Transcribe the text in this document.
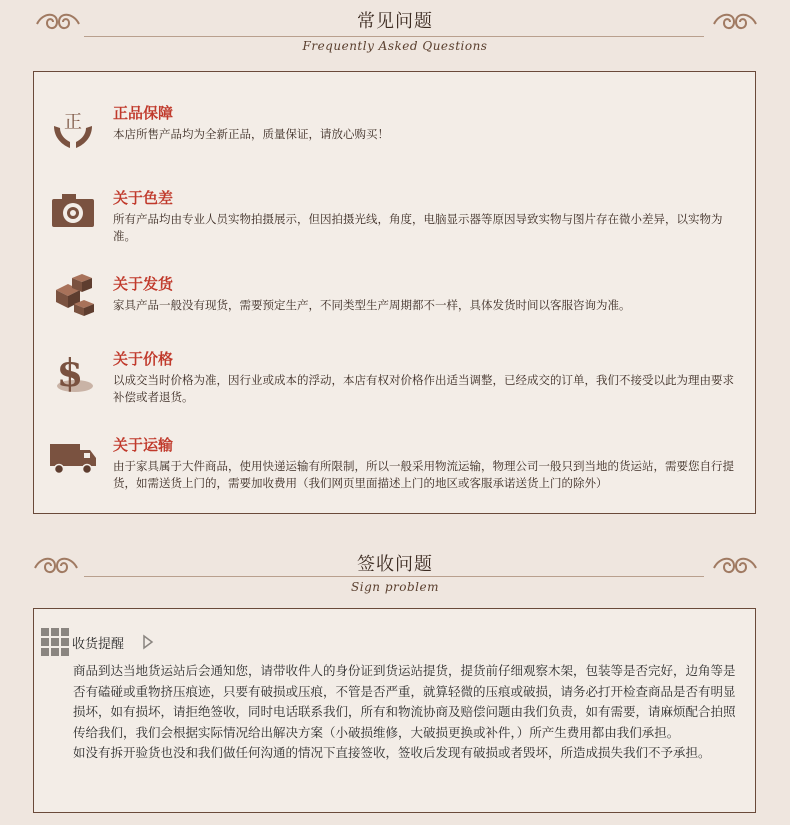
常见问题
Frequently Asked Questions
正 正品保障
本店所售产品均为全新正品，质量保证，请放心购买！
关于色差
所有产品均由专业人员实物拍摄展示，但因拍摄光线，角度，电脑显示器等原因导致实物与图片存在微小差异，以实物为准。
关于发货
家具产品一般没有现货，需要预定生产，不同类型生产周期都不一样，具体发货时间以客服咨询为准。
$ 关于价格
以成交当时价格为准，因行业或成本的浮动，本店有权对价格作出适当调整，已经成交的订单，我们不接受以此为理由要求补偿或者退货。
关于运输
由于家具属于大件商品，使用快递运输有所限制，所以一般采用物流运输，物理公司一般只到当地的货运站，需要您自行提货，如需送货上门的，需要加收费用（我们网页里面描述上门的地区或客服承诺送货上门的除外）
签收问题
Sign problem
收货提醒

商品到达当地货运站后会通知您，请带收件人的身份证到货运站提货，提货前仔细观察木架，包装等是否完好，边角等是否有磕碰或重物挤压痕迹，只要有破损或压痕，不管是否严重，就算轻微的压痕或破损，请务必打开检查商品是否有明显损坏，如有损坏，请拒绝签收，同时电话联系我们，所有和物流协商及赔偿问题由我们负责，如有需要，请麻烦配合拍照传给我们，我们会根据实际情况给出解决方案（小破损维修，大破损更换或补件，）所产生费用都由我们承担。

如没有拆开验货也没和我们做任何沟通的情况下直接签收，签收后发现有破损或者毁坏，所造成损失我们不予承担。
